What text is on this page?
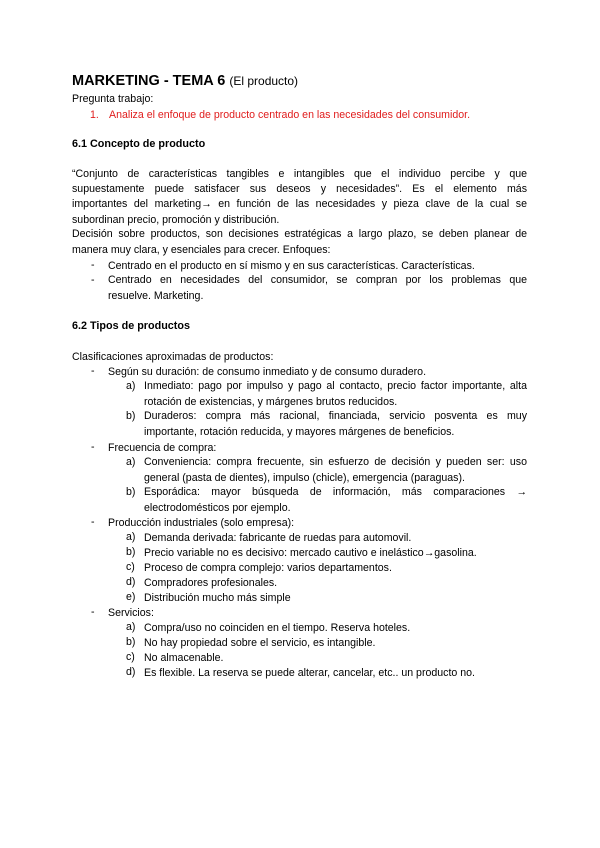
MARKETING - TEMA 6 (El producto)
Pregunta trabajo:
1. Analiza el enfoque de producto centrado en las necesidades del consumidor.
6.1 Concepto de producto
“Conjunto de características tangibles e intangibles que el individuo percibe y que
supuestamente puede satisfacer sus deseos y necesidades”. Es el elemento más
importantes del marketing→ en función de las necesidades y pieza clave de la cual se
subordinan precio, promoción y distribución.
Decisión sobre productos, son decisiones estratégicas a largo plazo, se deben planear de
manera muy clara, y esenciales para crecer. Enfoques:
- Centrado en el producto en sí mismo y en sus características. Características.
- Centrado en necesidades del consumidor, se compran por los problemas que
resuelve. Marketing.
6.2 Tipos de productos
Clasificaciones aproximadas de productos:
- Según su duración: de consumo inmediato y de consumo duradero.
a) Inmediato: pago por impulso y pago al contacto, precio factor importante, alta
rotación de existencias, y márgenes brutos reducidos.
b) Duraderos: compra más racional, financiada, servicio posventa es muy
importante, rotación reducida, y mayores márgenes de beneficios.
- Frecuencia de compra:
a) Conveniencia: compra frecuente, sin esfuerzo de decisión y pueden ser: uso
general (pasta de dientes), impulso (chicle), emergencia (paraguas).
b) Esporádica: mayor búsqueda de información, más comparaciones →
electrodomésticos por ejemplo.
- Producción industriales (solo empresa):
a) Demanda derivada: fabricante de ruedas para automovil.
b) Precio variable no es decisivo: mercado cautivo e inelástico→gasolina.
c) Proceso de compra complejo: varios departamentos.
d) Compradores profesionales.
e) Distribución mucho más simple
- Servicios:
a) Compra/uso no coinciden en el tiempo. Reserva hoteles.
b) No hay propiedad sobre el servicio, es intangible.
c) No almacenable.
d) Es flexible. La reserva se puede alterar, cancelar, etc.. un producto no.
